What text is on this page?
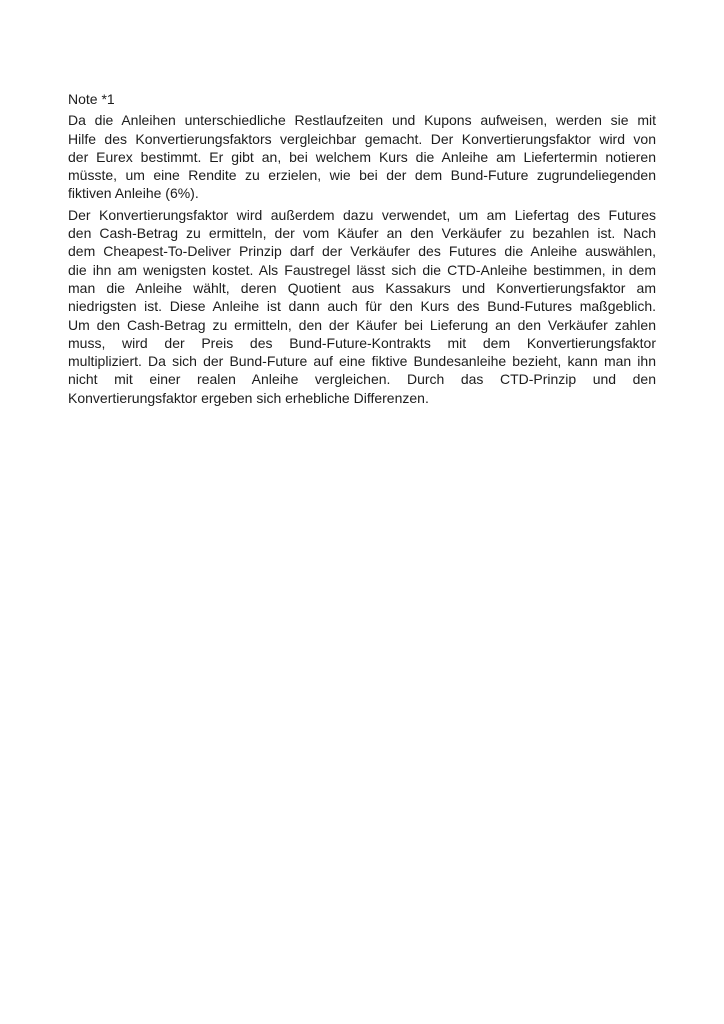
Note *1
Da die Anleihen unterschiedliche Restlaufzeiten und Kupons aufweisen, werden sie mit
Hilfe des Konvertierungsfaktors vergleichbar gemacht. Der Konvertierungsfaktor wird von
der Eurex bestimmt. Er gibt an, bei welchem Kurs die Anleihe am Liefertermin notieren
müsste, um eine Rendite zu erzielen, wie bei der dem Bund-Future zugrundeliegenden
fiktiven Anleihe (6%).
Der Konvertierungsfaktor wird außerdem dazu verwendet, um am Liefertag des Futures
den Cash-Betrag zu ermitteln, der vom Käufer an den Verkäufer zu bezahlen ist. Nach
dem Cheapest-To-Deliver Prinzip darf der Verkäufer des Futures die Anleihe auswählen,
die ihn am wenigsten kostet. Als Faustregel lässt sich die CTD-Anleihe bestimmen, in dem
man die Anleihe wählt, deren Quotient aus Kassakurs und Konvertierungsfaktor am
niedrigsten ist. Diese Anleihe ist dann auch für den Kurs des Bund-Futures maßgeblich.
Um den Cash-Betrag zu ermitteln, den der Käufer bei Lieferung an den Verkäufer zahlen
muss, wird der Preis des Bund-Future-Kontrakts mit dem Konvertierungsfaktor
multipliziert. Da sich der Bund-Future auf eine fiktive Bundesanleihe bezieht, kann man ihn
nicht mit einer realen Anleihe vergleichen. Durch das CTD-Prinzip und den
Konvertierungsfaktor ergeben sich erhebliche Differenzen.
